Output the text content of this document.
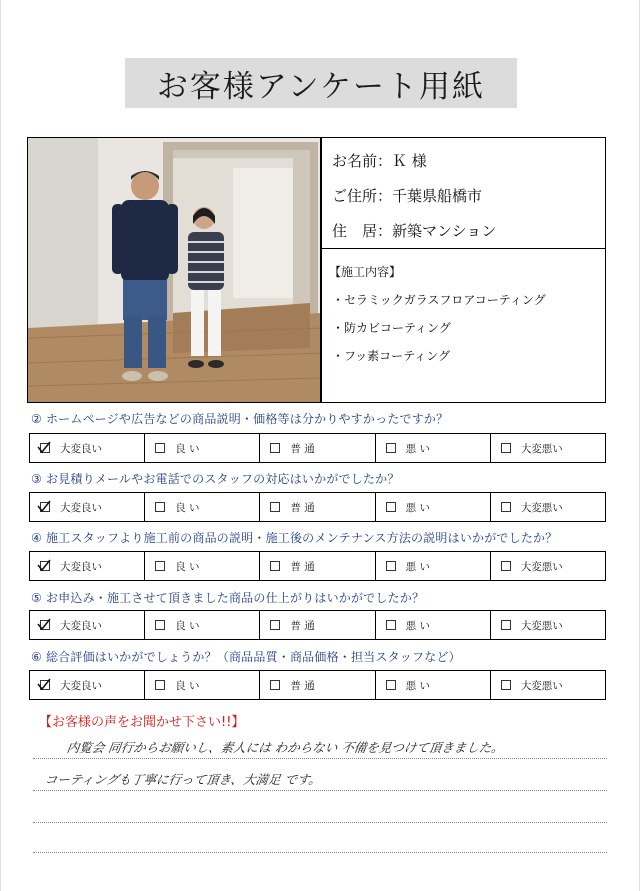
お客様アンケート用紙
お名前：Ｋ 様
ご住所：千葉県船橋市
住　居：新築マンション
【施工内容】
・セラミックガラスフロアコーティング
・防カビコーティング
・フッ素コーティング
② ホームページや広告などの商品説明・価格等は分かりやすかったですか？
大変良い	良 い	普 通	悪 い	大変悪い
③ お見積りメールやお電話でのスタッフの対応はいかがでしたか？
大変良い	良 い	普 通	悪 い	大変悪い
④ 施工スタッフより施工前の商品の説明・施工後のメンテナンス方法の説明はいかがでしたか？
大変良い	良 い	普 通	悪 い	大変悪い
⑤ お申込み・施工させて頂きました商品の仕上がりはいかがでしたか？
大変良い	良 い	普 通	悪 い	大変悪い
⑥ 総合評価はいかがでしょうか？（商品品質・商品価格・担当スタッフなど）
大変良い	良 い	普 通	悪 い	大変悪い
【お客様の声をお聞かせ下さい!!】
内覧会 同行からお願いし、素人には わからない 不備を見つけて頂きました。
コーティングも丁寧に行って頂き、大満足 です。
